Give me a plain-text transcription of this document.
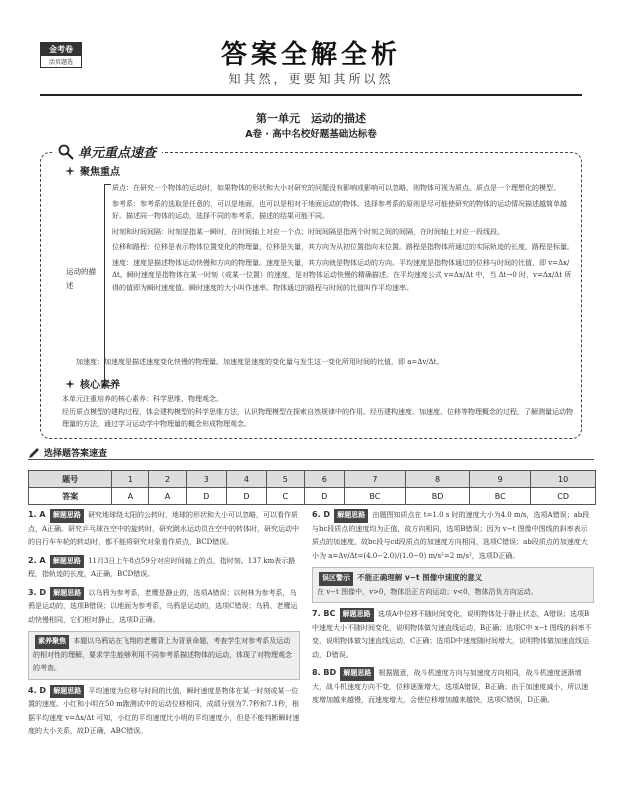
金考卷
活页题选	答案全解全析
知其然，更要知其所以然
第一单元　运动的描述
A卷 · 高中名校好题基础达标卷
单元重点速查
聚焦重点
运动的描述

质点：在研究一个物体的运动时，如果物体的形状和大小对研究的问题没有影响或影响可以忽略，则物体可视为质点。质点是一个理想化的模型。

参考系：参考系的选取是任意的，可以是地面，也可以是相对于地面运动的物体。选择参考系的原则是尽可能使研究的物体的运动情况描述越简单越好。描述同一物体的运动，选择不同的参考系，描述的结果可能不同。

时刻和时间间隔：时刻是指某一瞬时，在时间轴上对应一个点；时间间隔是指两个时刻之间的间隔，在时间轴上对应一段线段。

位移和路程：位移是表示物体位置变化的物理量，位移是矢量，其方向为从初位置指向末位置。路程是指物体所通过的实际轨迹的长度，路程是标量。

速度：速度是描述物体运动快慢和方向的物理量。速度是矢量，其方向就是物体运动的方向。平均速度是指物体通过的位移与时间的比值，即 v=Δx/Δt。瞬时速度是指物体在某一时刻（或某一位置）的速度，是对物体运动快慢的精确描述。在平均速度公式 v=Δx/Δt 中，当 Δt→0 时，v=Δx/Δt 所得的值即为瞬时速度值。瞬时速度的大小叫作速率。物体通过的路程与时间的比值叫作平均速率。

加速度：加速度是描述速度变化快慢的物理量。加速度是速度的变化量与发生这一变化所用时间的比值，即 a=Δv/Δt。

核心素养

本单元注重培养的核心素养：科学思维、物理观念。

经历质点模型的建构过程，体会建构模型的科学思维方法，认识物理模型在探索自然规律中的作用。经历建构速度、加速度、位移等物理概念的过程，了解测量运动物理量的方法，通过学习运动学中物理量的概念形成物理观念。

选择题答案速查
题号	1	2	3	4	5	6	7	8	9	10
答案	A	A	D	D	C	D	BC	BD	BC	CD
1. A 解题思路 研究地球绕太阳的公转时，地球的形状和大小可以忽略，可以看作质点，A正确。研究乒乓球在空中的旋转时，研究跳水运动员在空中的转体时，研究运动中的自行车车轮的转动时，都不能将研究对象看作质点，BCD错误。
2. A 解题思路 11月3日上午8点59分对应时间轴上的点，指时刻。137 km表示路程，指轨迹的长度，A正确，BCD错误。
3. D 解题思路 以乌鸦为参考系，老鹰是静止的，选项A错误；以树林为参考系，乌鸦是运动的，选项B错误；以地面为参考系，乌鸦是运动的，选项C错误；乌鸦、老鹰运动快慢相同，它们相对静止，选项D正确。
素养聚焦 本题以乌鸦站在飞翔的老鹰背上为背景命题，考查学生对参考系及运动的相对性的理解，要求学生能够利用不同参考系描述物体的运动，体现了对物理观念的考查。
4. D 解题思路 平均速度为位移与时间的比值，瞬时速度是物体在某一时刻或某一位置的速度。小红和小明在50 m跑测试中的运动位移相同，成绩分别为7.7秒和7.1秒，根据平均速度 v=Δx/Δt 可知，小红的平均速度比小明的平均速度小，但是不能判断瞬时速度的大小关系，故D正确，ABC错误。
6. D 解题思路 由题图知质点在 t=1.0 s 时的速度大小为4.0 m/s，选项A错误；ab段与bc段质点的速度均为正值，故方向相同，选项B错误；因为 v−t 图像中图线的斜率表示质点的加速度，故bc段与cd段质点的加速度方向相同，选项C错误；ab段质点的加速度大小为 a=Δv/Δt=(4.0−2.0)/(1.0−0) m/s²=2 m/s²，选项D正确。
误区警示 不能正确理解 v−t 图像中速度的意义
在 v−t 图像中，v>0，物体沿正方向运动；v<0，物体沿负方向运动。
7. BC 解题思路 选项A中位移不随时间变化，说明物体处于静止状态，A错误；选项B中速度大小不随时间变化，说明物体做匀速直线运动，B正确；选项C中 x−t 图线的斜率不变，说明物体做匀速直线运动，C正确；选项D中速度随时间增大，说明物体做加速直线运动，D错误。
8. BD 解题思路 根据题意，战斗机速度方向与加速度方向相同，战斗机速度逐渐增大，战斗机速度方向不变，位移逐渐增大，选项A错误，B正确；由于加速度减小，所以速度增加越来越慢，而速度增大，会使位移增加越来越快，选项C错误，D正确。
